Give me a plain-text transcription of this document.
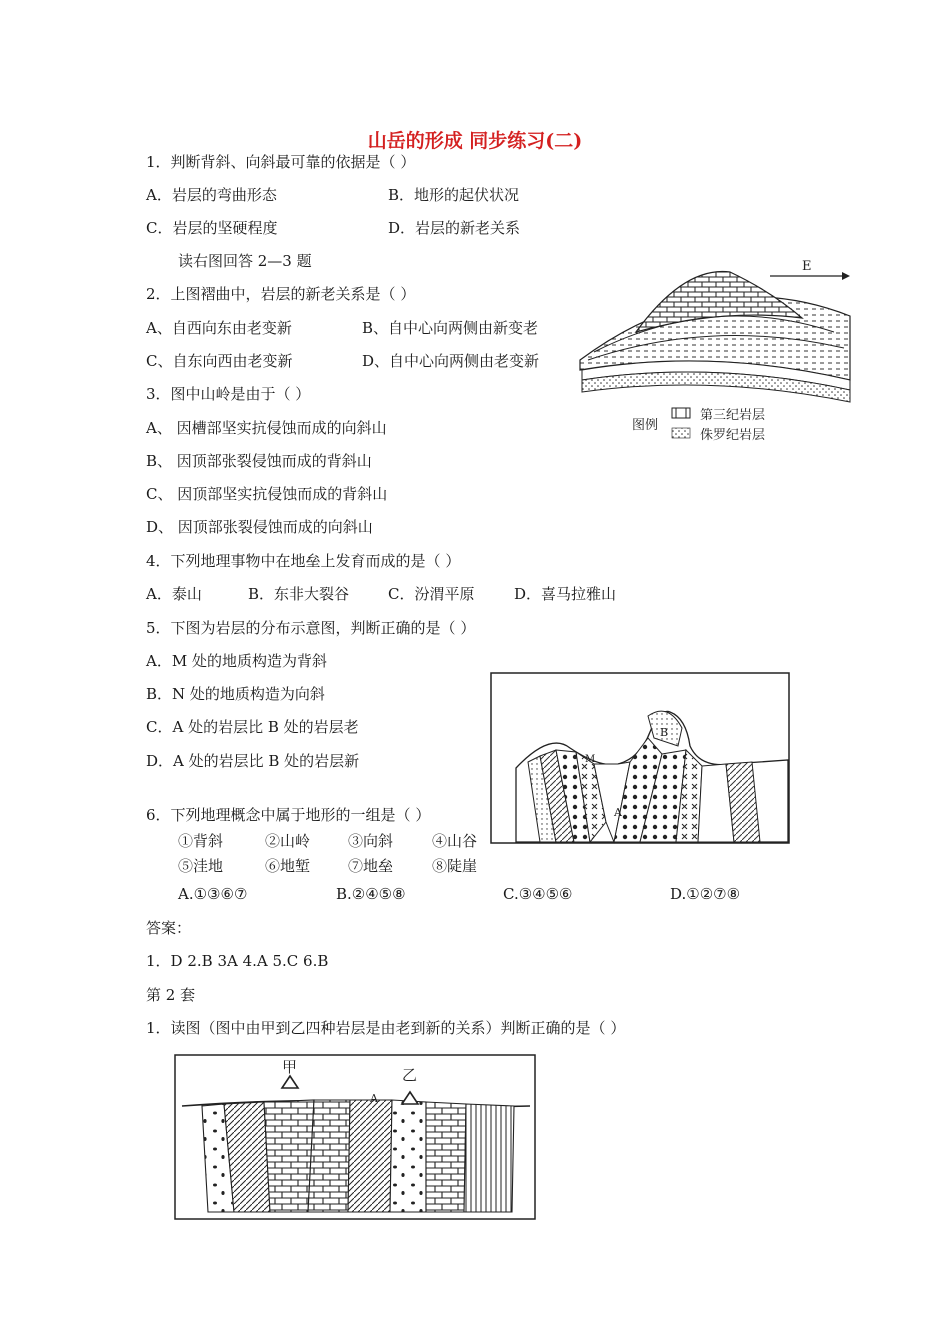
山岳的形成 同步练习(二)
1．判断背斜、向斜最可靠的依据是（ ）
A．岩层的弯曲形态	B．地形的起伏状况
C．岩层的坚硬程度	D．岩层的新老关系
读右图回答 2—3 题
2．上图褶曲中，岩层的新老关系是（ ）
A、自西向东由老变新	B、自中心向两侧由新变老
C、自东向西由老变新	D、自中心向两侧由老变新
3．图中山岭是由于（ ）
A、 因槽部坚实抗侵蚀而成的向斜山
B、 因顶部张裂侵蚀而成的背斜山
C、 因顶部坚实抗侵蚀而成的背斜山
D、 因顶部张裂侵蚀而成的向斜山
E
图例
第三纪岩层
侏罗纪岩层
4．下列地理事物中在地垒上发育而成的是（ ）
A．泰山	B．东非大裂谷	C．汾渭平原	D．喜马拉雅山
5．下图为岩层的分布示意图，判断正确的是（ ）
A．M 处的地质构造为背斜
B．N 处的地质构造为向斜
C．A 处的岩层比 B 处的岩层老
D．A 处的岩层比 B 处的岩层新	M
B
A
6．下列地理概念中属于地形的一组是（ ）
①背斜	②山岭	③向斜	④山谷
⑤洼地	⑥地堑	⑦地垒	⑧陡崖
A.①③⑥⑦	B.②④⑤⑧	C.③④⑤⑥	D.①②⑦⑧
答案：
1．D 2.B 3A 4.A 5.C 6.B
第 2 套
1．读图（图中由甲到乙四种岩层是由老到新的关系）判断正确的是（ ）
甲	乙
A
